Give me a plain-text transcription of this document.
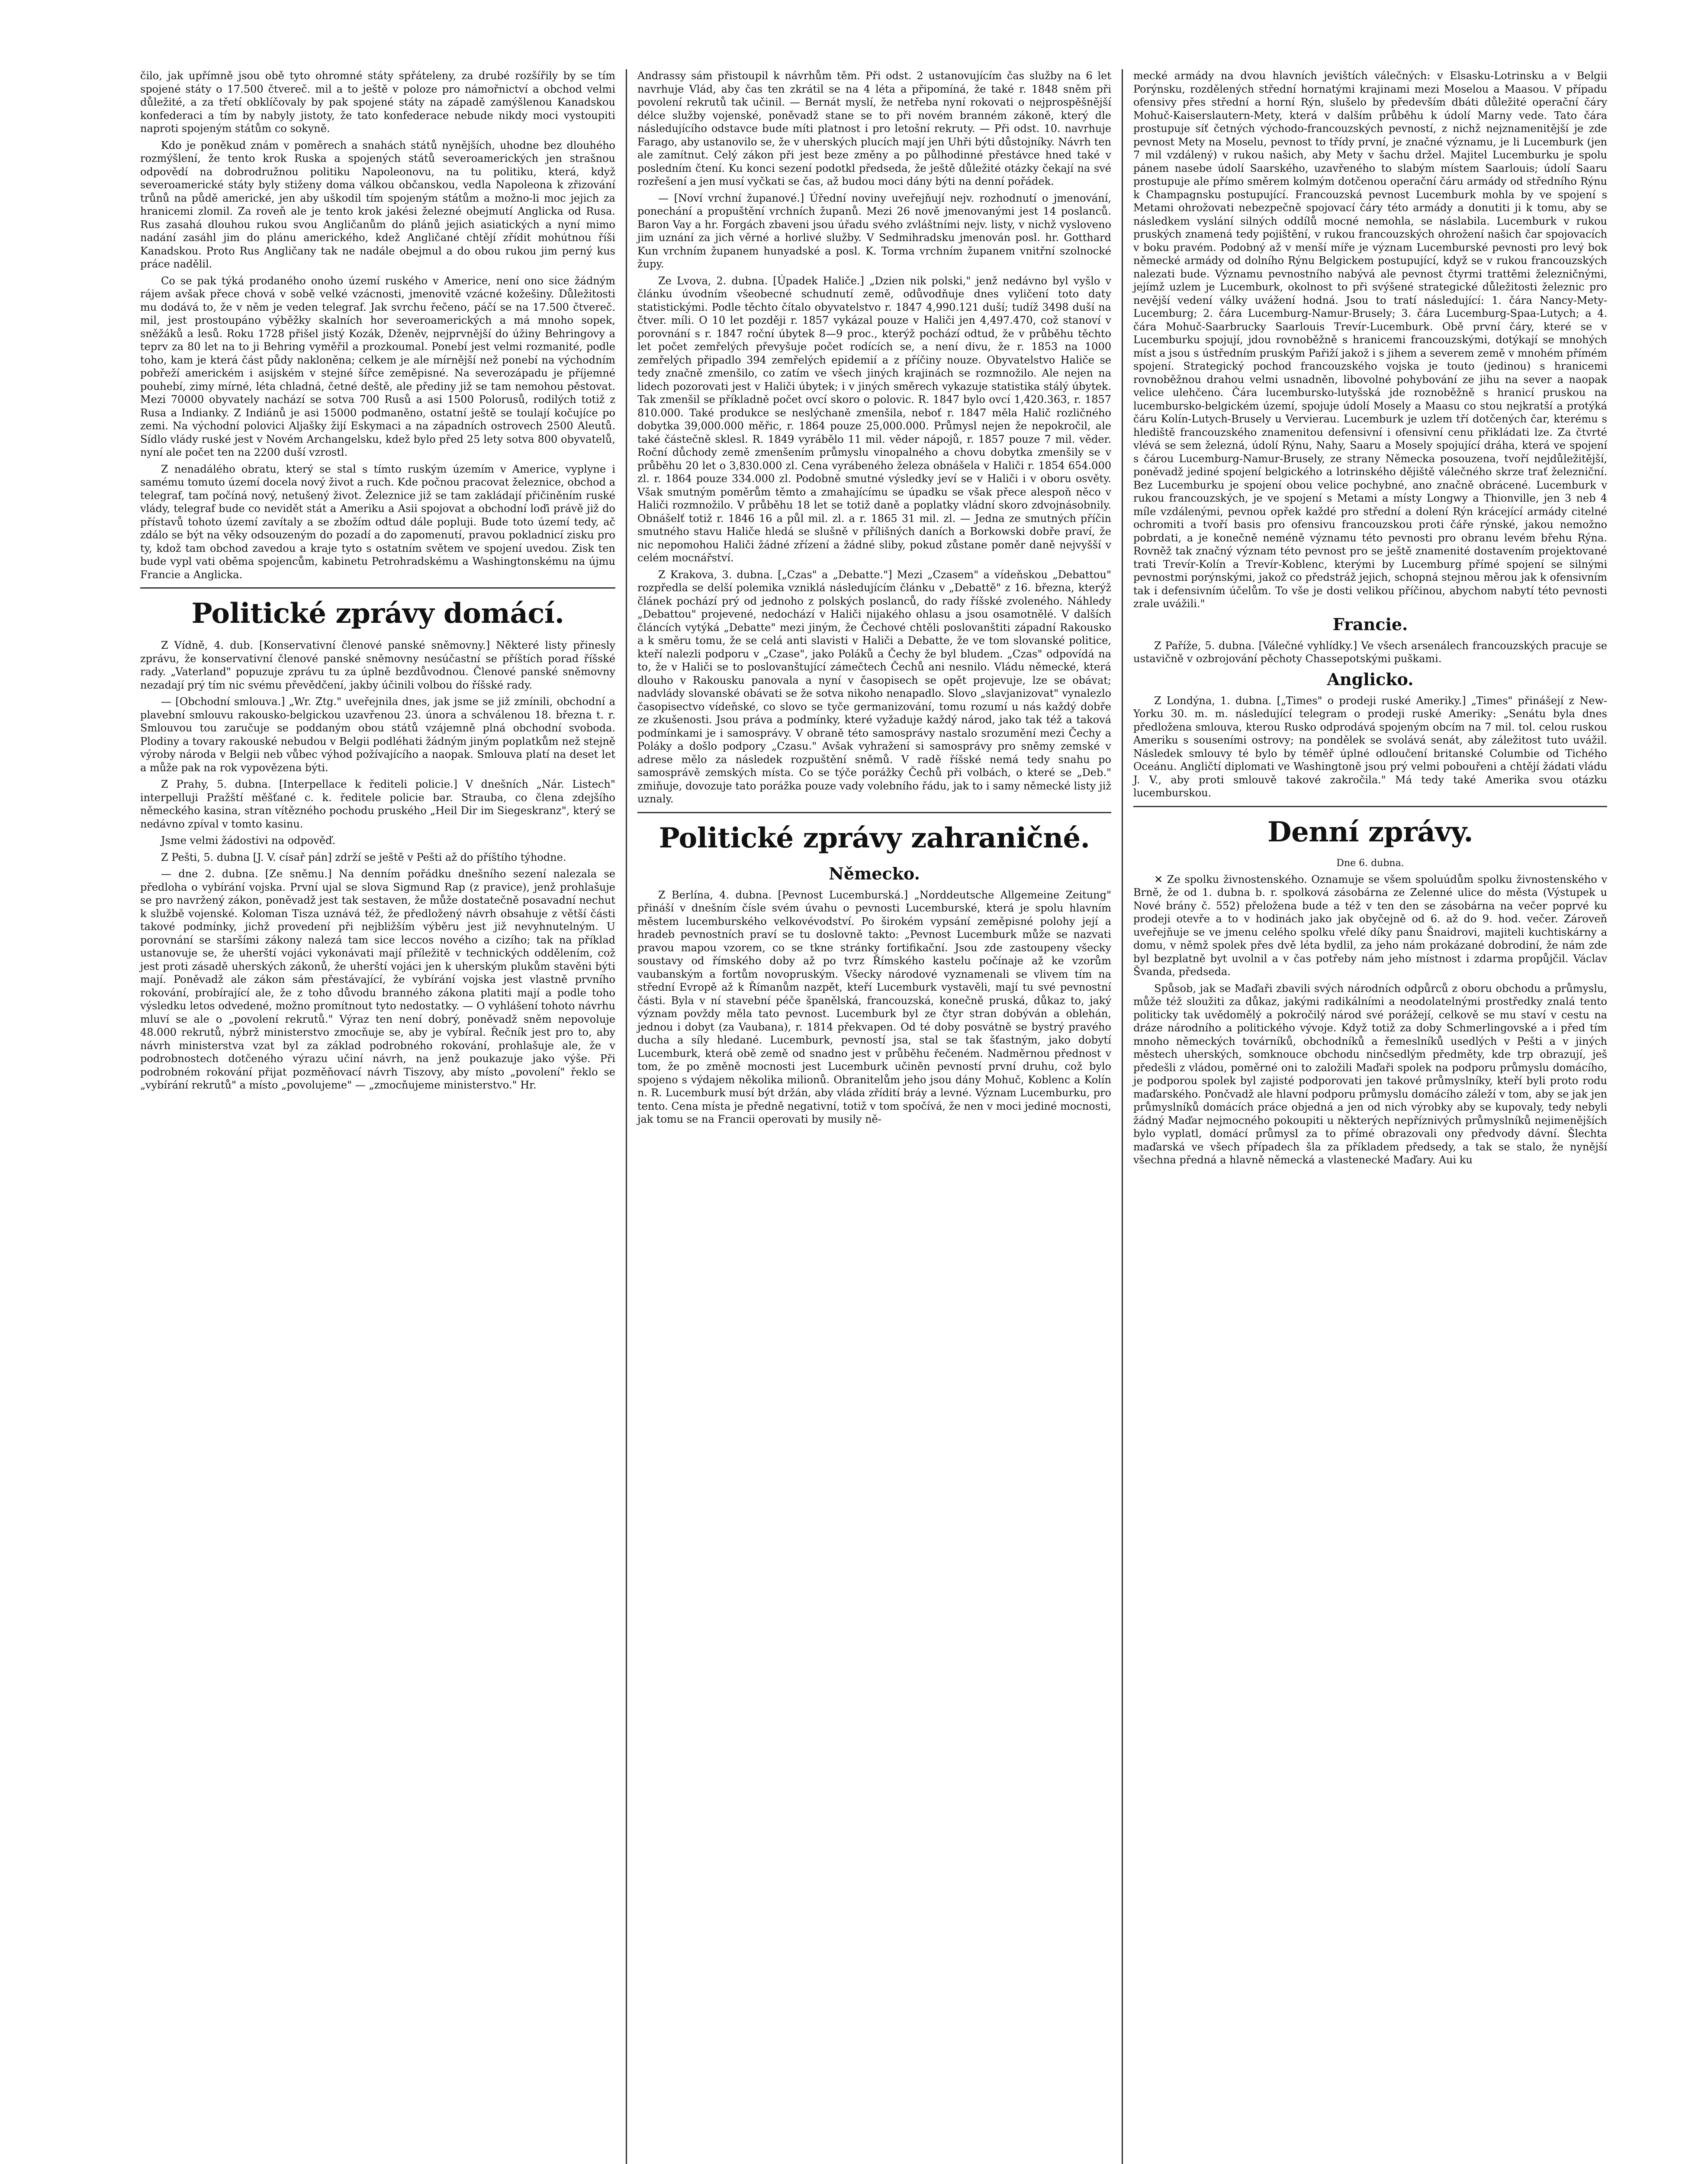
čilo, jak upřímně jsou obě tyto ohromné státy spřáteleny, za drubé rozšířily by se tím spojené státy o 17.500 čtvereč. mil a to ještě v poloze pro námořnictví a obchod velmi důležité, a za třetí obklíčovaly by pak spojené státy na západě zamýšlenou Kanadskou konfederaci a tím by nabyly jistoty, že tato konfederace nebude nikdy moci vystoupiti naproti spojeným státům co sokyně.

Kdo je poněkud znám v poměrech a snahách států nynějších, uhodne bez dlouhého rozmýšlení, že tento krok Ruska a spojených států severoamerických jen strašnou odpovědí na dobrodružnou politiku Napoleonovu, na tu politiku, která, když severoamerické státy byly stiženy doma válkou občanskou, vedla Napoleona k zřizování trůnů na půdě americké, jen aby uškodil tím spojeným státům a možno-li moc jejich za hranicemi zlomil. Za roveň ale je tento krok jakési železné obejmutí Anglicka od Rusa. Rus zasahá dlouhou rukou svou Angličanům do plánů jejich asiatických a nyní mimo nadání zasáhl jim do plánu amerického, kdež Angličané chtějí zřídit mohútnou říši Kanadskou. Proto Rus Angličany tak ne nadále obejmul a do obou rukou jim perný kus práce nadělil.

Co se pak týká prodaného onoho území ruského v Americe, není ono sice žádným rájem avšak přece chová v sobě velké vzácnosti, jmenovitě vzácné kožešiny. Důležitosti mu dodává to, že v něm je veden telegraf. Jak svrchu řečeno, páčí se na 17.500 čtvereč. mil, jest prostoupáno výběžky skalních hor severoamerických a má mnoho sopek, sněžáků a lesů. Roku 1728 přišel jistý Kozák, Dženěv, nejprvnější do úžiny Behringovy a teprv za 80 let na to ji Behring vyměřil a prozkoumal. Ponebí jest velmi rozmanité, podle toho, kam je která část půdy nakloněna; celkem je ale mírnější než ponebí na východním pobřeží americkém i asijském v stejné šířce zeměpisné. Na severozápadu je příjemné pouhebí, zimy mírné, léta chladná, četné deště, ale přediny již se tam nemohou pěstovat. Mezi 70000 obyvately nachází se sotva 700 Rusů a asi 1500 Polorusů, rodilých totiž z Rusa a Indianky. Z Indiánů je asi 15000 podmaněno, ostatní ještě se toulají kočujíce po zemi. Na východní polovici Aljašky žijí Eskymaci a na západních ostrovech 2500 Aleutů. Sídlo vlády ruské jest v Novém Archangelsku, kdež bylo před 25 lety sotva 800 obyvatelů, nyní ale počet ten na 2200 duší vzrostl.

Z nenadálého obratu, který se stal s tímto ruským územím v Americe, vyplyne i samému tomuto území docela nový život a ruch. Kde počnou pracovat železnice, obchod a telegraf, tam počíná nový, netušený život. Železnice již se tam zakládají přičiněním ruské vlády, telegraf bude co nevidět stát a Ameriku a Asii spojovat a obchodní loďi právě již do přístavů tohoto území zavítaly a se zbožím odtud dále popluji. Bude toto území tedy, ač zdálo se být na věky odsouzeným do pozadí a do zapomenutí, pravou pokladnicí zisku pro ty, kdož tam obchod zavedou a kraje tyto s ostatním světem ve spojení uvedou. Zisk ten bude vypl vati oběma spojencům, kabinetu Petrohradskému a Washingtonskému na újmu Francie a Anglicka.

Politické zprávy domácí.

Z Vídně, 4. dub. [Konservativní členové panské sněmovny.] Některé listy přinesly zprávu, že konservativní členové panské sněmovny nesúčastní se příštích porad říšské rady. „Vaterland" popuzuje zprávu tu za úplně bezdůvodnou. Členové panské sněmovny nezadají prý tím nic svému převědčení, jakby účinili volbou do říšské rady.

— [Obchodní smlouva.] „Wr. Ztg." uveřejnila dnes, jak jsme se již zmínili, obchodní a plavební smlouvu rakousko-belgickou uzavřenou 23. února a schválenou 18. března t. r. Smlouvou tou zaručuje se poddaným obou států vzájemně plná obchodní svoboda. Plodiny a tovary rakouské nebudou v Belgii podléhati žádným jiným poplatkům než stejně výroby národa v Belgii neb vůbec výhod požívajícího a naopak. Smlouva platí na deset let a může pak na rok vypovězena býti.

Z Prahy, 5. dubna. [Interpellace k řediteli policie.] V dnešních „Nár. Listech" interpelluji Pražští měšťané c. k. ředitele policie bar. Strauba, co člena zdejšího německého kasina, stran vítězného pochodu pruského „Heil Dir im Siegeskranz", který se nedávno zpíval v tomto kasinu.

Jsme velmi žádostivi na odpověď.

Z Pešti, 5. dubna [J. V. císař pán] zdrží se ještě v Pešti až do příštího týhodne.

— dne 2. dubna. [Ze sněmu.] Na denním pořádku dnešního sezení nalezala se předloha o vybírání vojska. První ujal se slova Sigmund Rap (z pravice), jenž prohlašuje se pro navržený zákon, poněvadž jest tak sestaven, že může dostatečně posavadní nechut k službě vojenské. Koloman Tisza uznává též, že předložený návrh obsahuje z větší části takové podmínky, jichž provedení při nejbližším výběru jest již nevyhnutelným. U porovnání se staršími zákony nalezá tam sice leccos nového a cizího; tak na příklad ustanovuje se, že uherští vojáci vykonávati mají příležitě v technických oddělením, což jest proti zásadě uherských zákonů, že uherští vojáci jen k uherským plukům stavěni býti mají. Poněvadž ale zákon sám přestávající, že vybírání vojska jest vlastně prvního rokování, probírající ale, že z toho důvodu branného zákona platiti mají a podle toho výsledku letos odvedené, možno promítnout tyto nedostatky. — O vyhlášení tohoto návrhu mluví se ale o „povolení rekrutů." Výraz ten není dobrý, poněvadž sněm nepovoluje 48.000 rekrutů, nýbrž ministerstvo zmocňuje se, aby je vybíral. Řečník jest pro to, aby návrh ministerstva vzat byl za základ podrobného rokování, prohlašuje ale, že v podrobnostech dotčeného výrazu učiní návrh, na jenž poukazuje jako výše. Při podrobném rokování přijat pozměňovací návrh Tiszovy, aby místo „povolení" řeklo se „vybírání rekrutů" a místo „povolujeme" — „zmocňujeme ministerstvo." Hr.

Andrassy sám přistoupil k návrhům těm. Při odst. 2 ustanovujícím čas služby na 6 let navrhuje Vlád, aby čas ten zkrátil se na 4 léta a připomíná, že také r. 1848 sněm při povolení rekrutů tak učinil. — Bernát myslí, že netřeba nyní rokovati o nejprospěšnější délce služby vojenské, poněvadž stane se to při novém branném zákoně, který dle následujícího odstavce bude míti platnost i pro letošní rekruty. — Při odst. 10. navrhuje Farago, aby ustanovilo se, že v uherských plucích mají jen Uhři býti důstojníky. Návrh ten ale zamítnut. Celý zákon při jest beze změny a po půlhodinné přestávce hned také v posledním čtení. Ku konci sezení podotkl předseda, že ještě důležité otázky čekají na své rozřešení a jen musí vyčkati se čas, až budou moci dány býti na denní pořádek.

— [Noví vrchní županové.] Úřední noviny uveřejňují nejv. rozhodnutí o jmenování, ponechání a propuštění vrchních županů. Mezi 26 nově jmenovanými jest 14 poslanců. Baron Vay a hr. Forgách zbaveni jsou úřadu svého zvláštními nejv. listy, v nichž vysloveno jim uznání za jich věrné a horlivé služby. V Sedmihradsku jmenován posl. hr. Gotthard Kun vrchním županem hunyadské a posl. K. Torma vrchním županem vnitřní szolnocké župy.

Ze Lvova, 2. dubna. [Úpadek Haliče.] „Dzien nik polski," jenž nedávno byl vyšlo v článku úvodním všeobecné schudnutí země, odůvodňuje dnes vyličení toto daty statistickými. Podle těchto čítalo obyvatelstvo r. 1847 4,990.121 duší; tudíž 3498 duší na čtver. míli. O 10 let později r. 1857 vykázal pouze v Haliči jen 4,497.470, což stanoví v porovnání s r. 1847 roční úbytek 8—9 proc., kterýž pochází odtud, že v průběhu těchto let počet zemřelých převyšuje počet rodících se, a není divu, že r. 1853 na 1000 zemřelých připadlo 394 zemřelých epidemií a z příčiny nouze. Obyvatelstvo Haliče se tedy značně zmenšilo, co zatím ve všech jiných krajinách se rozmnožilo. Ale nejen na lidech pozorovati jest v Haliči úbytek; i v jiných směrech vykazuje statistika stálý úbytek. Tak zmenšil se příkladně počet ovcí skoro o polovic. R. 1847 bylo ovcí 1,420.363, r. 1857 810.000. Také produkce se neslýchaně zmenšila, neboť r. 1847 měla Halič rozličného dobytka 39,000.000 měřic, r. 1864 pouze 25,000.000. Průmysl nejen že nepokročil, ale také částečně sklesl. R. 1849 vyrábělo 11 mil. věder nápojů, r. 1857 pouze 7 mil. věder. Roční důchody země zmenšením průmyslu vinopalného a chovu dobytka zmenšily se v průběhu 20 let o 3,830.000 zl. Cena vyrábeného železa obnášela v Haliči r. 1854 654.000 zl. r. 1864 pouze 334.000 zl. Podobně smutné výsledky jeví se v Haliči i v oboru osvěty. Však smutným poměrům těmto a zmahajícímu se úpadku se však přece alespoň něco v Haliči rozmnožilo. V průběhu 18 let se totiž daně a poplatky vládní skoro zdvojnásobnily. Obnášelť totiž r. 1846 16 a půl mil. zl. a r. 1865 31 mil. zl. — Jedna ze smutných příčin smutného stavu Haliče hledá se slušně v přílišných daních a Borkowski dobře praví, že nic nepomohou Haliči žádné zřízení a žádné sliby, pokud zůstane poměr daně nejvyšší v celém mocnářství.

Z Krakova, 3. dubna. [„Czas" a „Debatte."] Mezi „Czasem" a vídeňskou „Debattou" rozpředla se delší polemika vzniklá následujícím článku v „Debattě" z 16. března, kterýž článek pochází prý od jednoho z polských poslanců, do rady říšské zvoleného. Náhledy „Debattou" projevené, nedochází v Haliči nijakého ohlasu a jsou osamotnělé. V dalších článcích vytýká „Debatte" mezi jiným, že Čechové chtěli poslovanštiti západní Rakousko a k směru tomu, že se celá anti slavisti v Haliči a Debatte, že ve tom slovanské politice, kteří nalezli podporu v „Czase", jako Poláků a Čechy že byl bludem. „Czas" odpovídá na to, že v Haliči se to poslovanštující zámečtech Čechů ani nesnilo. Vládu německé, která dlouho v Rakousku panovala a nyní v časopisech se opět projevuje, lze se obávat; nadvlády slovanské obávati se že sotva nikoho nenapadlo. Slovo „slavjanizovat" vynalezlo časopisectvo vídeňské, co slovo se tyče germanizování, tomu rozumí u nás každý dobře ze zkušenosti. Jsou práva a podmínky, které vyžaduje každý národ, jako tak též a taková podmínkami je i samosprávy. V obraně této samosprávy nastalo srozumění mezi Čechy a Poláky a došlo podpory „Czasu." Avšak vyhražení si samosprávy pro sněmy zemské v adrese mělo za následek rozpuštění sněmů. V radě říšské nemá tedy snahu po samosprávě zemských místa. Co se týče porážky Čechů při volbách, o které se „Deb." zmiňuje, dovozuje tato porážka pouze vady volebního řádu, jak to i samy německé listy již uznaly.

Politické zprávy zahraničné.
Německo.

Z Berlína, 4. dubna. [Pevnost Lucemburská.] „Norddeutsche Allgemeine Zeitung" přináší v dnešním čísle svém úvahu o pevnosti Lucemburské, která je spolu hlavním městem lucemburského velkovévodství. Po širokém vypsání zeměpisné polohy její a hradeb pevnostních praví se tu doslovně takto: „Pevnost Lucemburk může se nazvati pravou mapou vzorem, co se tkne stránky fortifikační. Jsou zde zastoupeny všecky soustavy od římského doby až po tvrz Římského kastelu počínaje až ke vzorům vaubanským a fortům novopruským. Všecky národové vyznamenali se vlivem tím na střední Evropě až k Římanům nazpět, kteří Lucemburk vystavěli, mají tu své pevnostní části. Byla v ní stavební péče španělská, francouzská, konečně pruská, důkaz to, jaký význam povždy měla tato pevnost. Lucemburk byl ze čtyr stran dobýván a oblehán, jednou i dobyt (za Vaubana), r. 1814 překvapen. Od té doby posvátně se bystrý pravého ducha a síly hledané. Lucemburk, pevností jsa, stal se tak šťastným, jako dobytí Lucemburk, která obě země od snadno jest v průběhu řečeném. Nadměrnou přednost v tom, že po změně mocnosti jest Lucemburk učiněn pevností první druhu, což bylo spojeno s výdajem několika milionů. Obranitelům jeho jsou dány Mohuč, Koblenc a Kolín n. R. Lucemburk musí být držán, aby vláda zřídití bráy a levné. Význam Lucemburku, pro tento. Cena místa je předně negativní, totiž v tom spočívá, že nen v moci jediné mocnosti, jak tomu se na Francii operovati by musily ně-

mecké armády na dvou hlavních jevištích válečných: v Elsasku-Lotrinsku a v Belgii Porýnsku, rozdělených střední hornatými krajinami mezi Moselou a Maasou. V případu ofensivy přes střední a horní Rýn, slušelo by především dbáti důležité operační čáry Mohuč-Kaiserslautern-Mety, která v dalším průběhu k údolí Marny vede. Tato čára prostupuje síť četných východo-francouzských pevností, z nichž nejznamenitější je zde pevnost Mety na Moselu, pevnost to třídy první, je značné významu, je li Lucemburk (jen 7 mil vzdálený) v rukou našich, aby Mety v šachu držel. Majitel Lucemburku je spolu pánem nasebe údolí Saarského, uzavřeného to slabým místem Saarlouis; údolí Saaru prostupuje ale přímo směrem kolmým dotčenou operační čáru armády od středního Rýnu k Champagnsku postupující. Francouzská pevnost Lucemburk mohla by ve spojení s Metami ohrožovati nebezpečně spojovací čáry této armády a donutiti ji k tomu, aby se následkem vyslání silných oddílů mocné nemohla, se náslabila. Lucemburk v rukou pruských znamená tedy pojištění, v rukou francouzských ohrožení našich čar spojovacích v boku pravém. Podobný až v menší míře je význam Lucemburské pevnosti pro levý bok německé armády od dolního Rýnu Belgickem postupující, když se v rukou francouzských nalezati bude. Významu pevnostního nabývá ale pevnost čtyrmi trattěmi železničnými, jejímž uzlem je Lucemburk, okolnost to při svýšené strategické důležitosti železnic pro nevější vedení války uvážení hodná. Jsou to tratí následující: 1. čára Nancy-Mety-Lucemburg; 2. čára Lucemburg-Namur-Brusely; 3. čára Lucemburg-Spaa-Lutych; a 4. čára Mohuč-Saarbrucky Saarlouis Trevír-Lucemburk. Obě první čáry, které se v Lucemburku spojují, jdou rovnoběžně s hranicemi francouzskými, dotýkají se mnohých míst a jsou s ústředním pruským Pařiží jakož i s jihem a severem země v mnohém přímém spojení. Strategický pochod francouzského vojska je touto (jedinou) s hranicemi rovnoběžnou drahou velmi usnadněn, libovolné pohybování ze jihu na sever a naopak velice ulehčeno. Čára lucembursko-lutyšská jde roznoběžně s hranicí pruskou na lucembursko-belgickém území, spojuje údolí Mosely a Maasu co stou nejkratší a protýká čáru Kolín-Lutych-Brusely u Vervierau. Lucemburk je uzlem tří dotčených čar, kterému s hlediště francouzského znamenitou defensivní i ofensivní cenu přikládati lze. Za čtvrté vlévá se sem železná, údolí Rýnu, Nahy, Saaru a Mosely spojující dráha, která ve spojení s čárou Lucemburg-Namur-Brusely, ze strany Německa posouzena, tvoří nejdůležitější, poněvadž jediné spojení belgického a lotrinského dějiště válečného skrze trať železniční. Bez Lucemburku je spojení obou velice pochybné, ano značně obrácené. Lucemburk v rukou francouzských, je ve spojení s Metami a místy Longwy a Thionville, jen 3 neb 4 míle vzdálenými, pevnou opřek každé pro střední a dolení Rýn krácející armády citelné ochromiti a tvoří basis pro ofensivu francouzskou proti čáře rýnské, jakou nemožno pobrdati, a je konečně neméně významu této pevnosti pro obranu levém břehu Rýna. Rovněž tak značný význam této pevnost pro se ještě znamenité dostavením projektované trati Trevír-Kolín a Trevír-Koblenc, kterými by Lucemburg přímé spojení se silnými pevnostmi porýnskými, jakož co předstráž jejich, schopná stejnou měrou jak k ofensivním tak i defensivním účelům. To vše je dosti velikou příčinou, abychom nabytí této pevnosti zrale uvážili."

Francie.

Z Paříže, 5. dubna. [Válečné vyhlídky.] Ve všech arsenálech francouzských pracuje se ustavičně v ozbrojování pěchoty Chassepotskými puškami.

Anglicko.

Z Londýna, 1. dubna. [„Times" o prodeji ruské Ameriky.] „Times" přinášejí z New-Yorku 30. m. m. následující telegram o prodeji ruské Ameriky: „Senátu byla dnes předložena smlouva, kterou Rusko odprodává spojeným obcím na 7 mil. tol. celou ruskou Ameriku s souseními ostrovy; na pondělek se svolává senát, aby záležitost tuto uvážil. Následek smlouvy té bylo by téměř úplné odloučení britanské Columbie od Tichého Oceánu. Angličtí diplomati ve Washingtoně jsou prý velmi pobouřeni a chtějí žádati vládu J. V., aby proti smlouvě takové zakročila." Má tedy také Amerika svou otázku lucemburskou.

Denní zprávy.
Dne 6. dubna.

✕ Ze spolku živnostenského. Oznamuje se všem spoluúdům spolku živnostenského v Brně, že od 1. dubna b. r. spolková zásobárna ze Zelenné ulice do města (Výstupek u Nové brány č. 552) přeložena bude a též v ten den se zásobárna na večer poprvé ku prodeji otevře a to v hodinách jako jak obyčejně od 6. až do 9. hod. večer. Zároveň uveřejňuje se ve jmenu celého spolku vřelé díky panu Šnaidrovi, majiteli kuchtiskárny a domu, v němž spolek přes dvě léta bydlil, za jeho nám prokázané dobrodiní, že nám zde byl bezplatně byt uvolnil a v čas potřeby nám jeho místnost i zdarma propůjčil. Václav Švanda, předseda.

Spůsob, jak se Maďaři zbavili svých národních odpůrců z oboru obchodu a průmyslu, může též sloužiti za důkaz, jakými radikálními a neodolatelnými prostředky znalá tento politicky tak uvědomělý a pokročilý národ své porážejí, celkově se mu staví v cestu na dráze národního a politického vývoje. Když totiž za doby Schmerlingovské a i před tím mnoho německých továrníků, obchodníků a řemeslníků usedlých v Pešti a v jiných městech uherských, somknouce obchodu ninčsedlým předměty, kde trp obrazují, ješ předešli z vládou, poměrné oni to založili Maďaři spolek na podporu průmyslu domácího, je podporou spolek byl zajisté podporovati jen takové průmyslníky, kteří byli proto rodu maďarského. Pončvadž ale hlavní podporu průmyslu domácího záleží v tom, aby se jak jen průmyslníků domácích práce objedná a jen od nich výrobky aby se kupovaly, tedy nebyli žádný Maďar nejmocného pokoupiti u některých nepříznivých průmyslníků nejimenějších bylo vyplatl, domácí průmysl za to přímé obrazovali ony předvody dávní. Šlechta maďarská ve všech případech šla za příkladem předsedy, a tak se stalo, že nynější všechna předná a hlavně německá a vlastenecké Maďary. Aui ku
